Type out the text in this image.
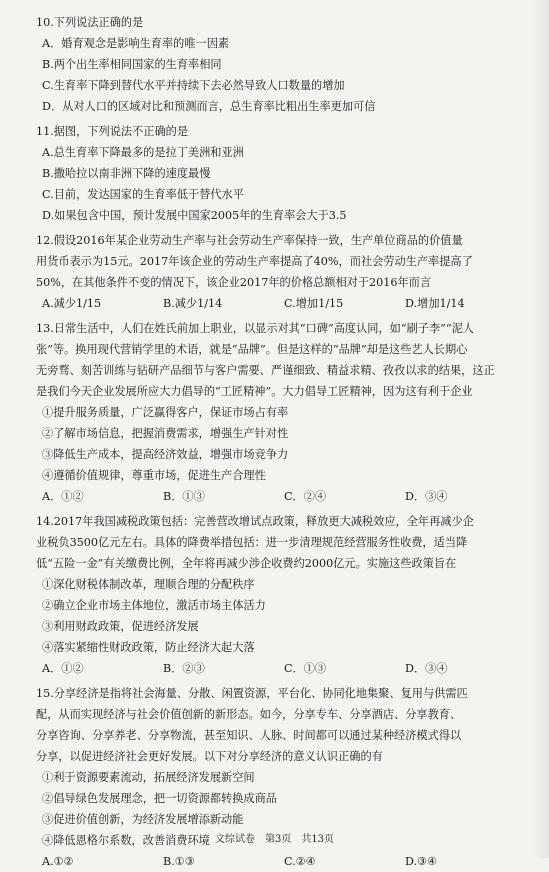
10.下列说法正确的是

A．婚育观念是影响生育率的唯一因素

B.两个出生率相同国家的生育率相同

C.生育率下降到替代水平并持续下去必然导致人口数量的增加

D．从对人口的区域对比和预测而言，总生育率比粗出生率更加可信

11.据图，下列说法不正确的是

A.总生育率下降最多的是拉丁美洲和亚洲

B.撒哈拉以南非洲下降的速度最慢

C.目前，发达国家的生育率低于替代水平

D.如果包含中国，预计发展中国家2005年的生育率会大于3.5

12.假设2016年某企业劳动生产率与社会劳动生产率保持一致，生产单位商品的价值量

用货币表示为15元。2017年该企业的劳动生产率提高了40%，而社会劳动生产率提高了

50%，在其他条件不变的情况下，该企业2017年的价格总额相对于2016年而言

A.减少1/15	B.减少1/14	C.增加1/15	D.增加1/14

13.日常生活中，人们在姓氏前加上职业，以显示对其“口碑”高度认同，如“刷子李”“泥人

张”等。换用现代营销学里的术语，就是“品牌”。但是这样的“品牌”却是这些艺人长期心

无旁骛、刻苦训练与钻研产品细节与客户需要、严谨细致、精益求精、孜孜以求的结果，这正

是我们今天企业发展所应大力倡导的“工匠精神”。大力倡导工匠精神，因为这有利于企业

①提升服务质量，广泛赢得客户，保证市场占有率

②了解市场信息，把握消费需求，增强生产针对性

③降低生产成本，提高经济效益，增强市场竞争力

④遵循价值规律，尊重市场，促进生产合理性

A．①②	B．①③	C．②④	D．③④

14.2017年我国减税政策包括：完善营改增试点政策，释放更大减税效应，全年再减少企

业税负3500亿元左右。具体的降费举措包括：进一步清理规范经营服务性收费，适当降

低“五险一金”有关缴费比例，全年将再减少涉企收费约2000亿元。实施这些政策旨在

①深化财税体制改革，理顺合理的分配秩序

②确立企业市场主体地位，激活市场主体活力

③利用财政政策，促进经济发展

④落实紧缩性财政政策，防止经济大起大落

A．①②	B．②③	C．①③	D．③④

15.分享经济是指将社会海量、分散、闲置资源，平台化、协同化地集聚、复用与供需匹

配，从而实现经济与社会价值创新的新形态。如今，分享专车、分享酒店、分享教育、

分享咨询、分享养老、分享物流，甚至知识、人脉、时间都可以通过某种经济模式得以

分享，以促进经济社会更好发展。以下对分享经济的意义认识正确的有

①利于资源要素流动，拓展经济发展新空间

②倡导绿色发展理念，把一切资源都转换成商品

③促进价值创新，为经济发展增添新动能

④降低恩格尔系数，改善消费环境

A.①②	B.①③	C.②④	D.③④
文综试卷　第3页　共13页
